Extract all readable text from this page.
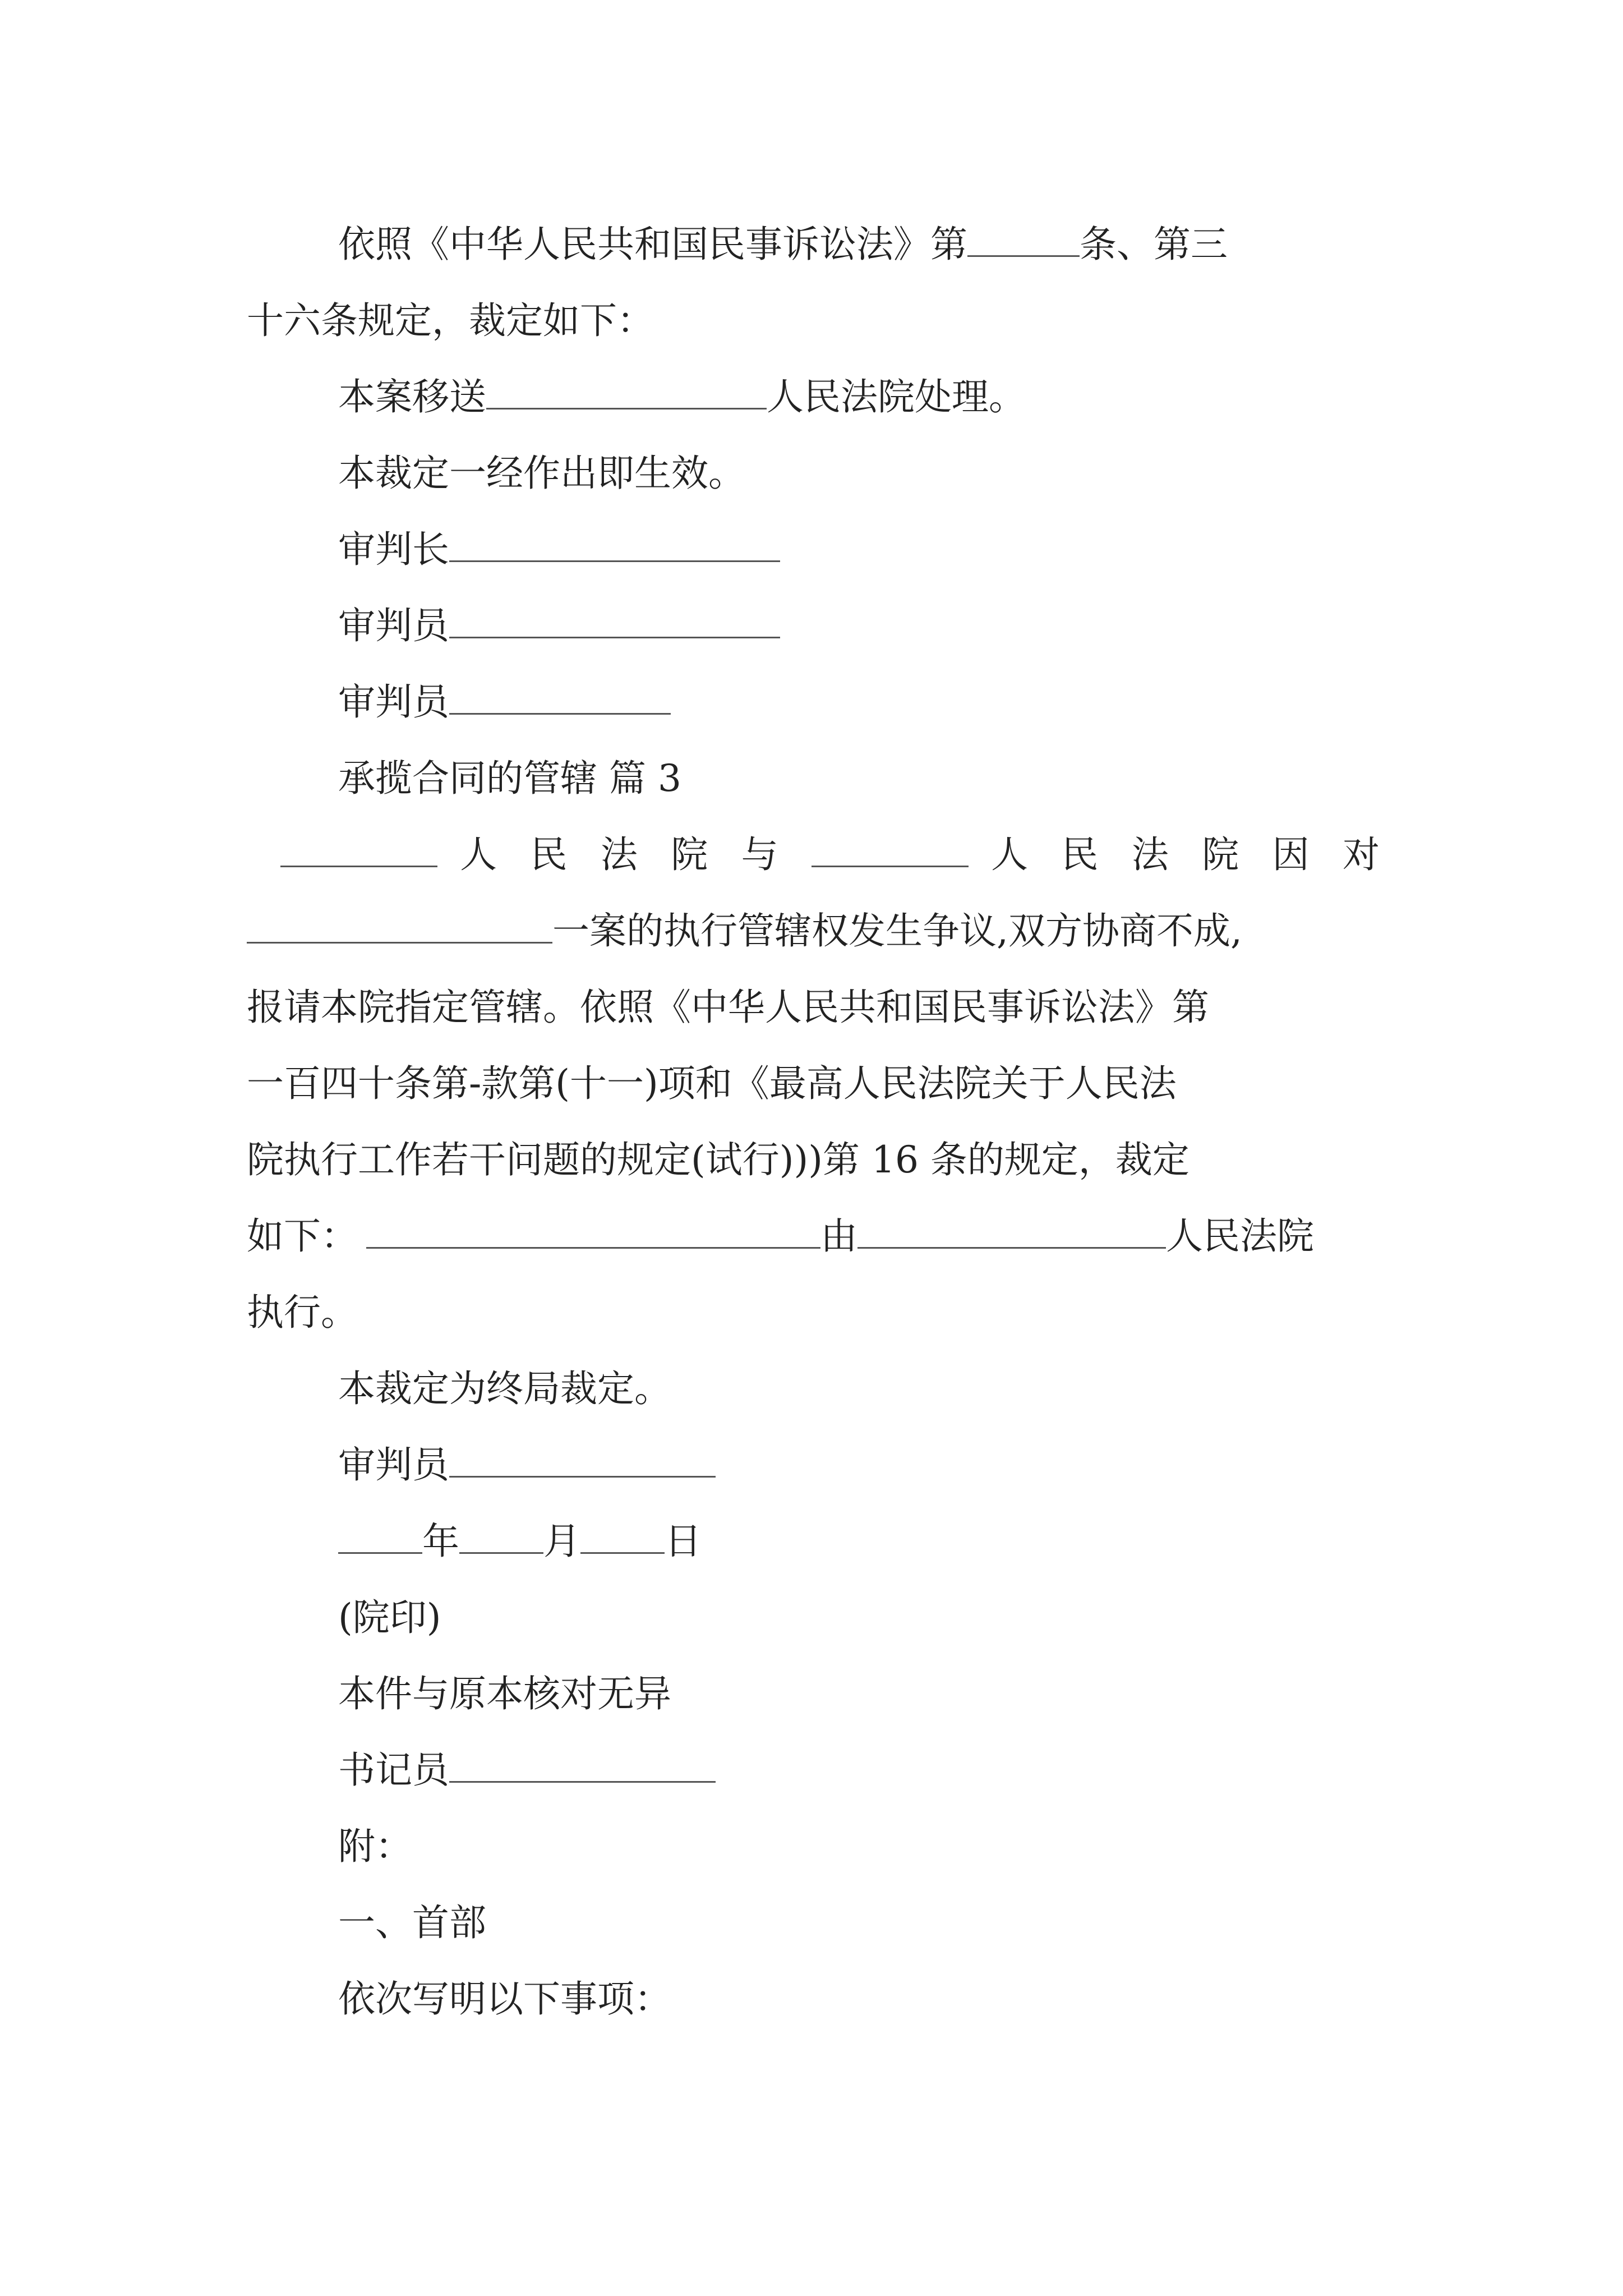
依照《中华人民共和国民事诉讼法》第	条、第三

十六条规定，裁定如下：

本案移送	人民法院处理。

本裁定一经作出即生效。

审判长

审判员

审判员

承揽合同的管辖 篇 3

人 民 法 院 与	人 民 法 院 因 对

一案的执行管辖权发生争议,双方协商不成,

报请本院指定管辖。依照《中华人民共和国民事诉讼法》第

一百四十条第-款第(十一)项和《最高人民法院关于人民法

院执行工作若干问题的规定(试行)))第 16 条的规定，裁定

如下：	由	人民法院

执行。

本裁定为终局裁定。

审判员

年 月 日

(院印)

本件与原本核对无异

书记员

附：

一、首部

依次写明以下事项：
